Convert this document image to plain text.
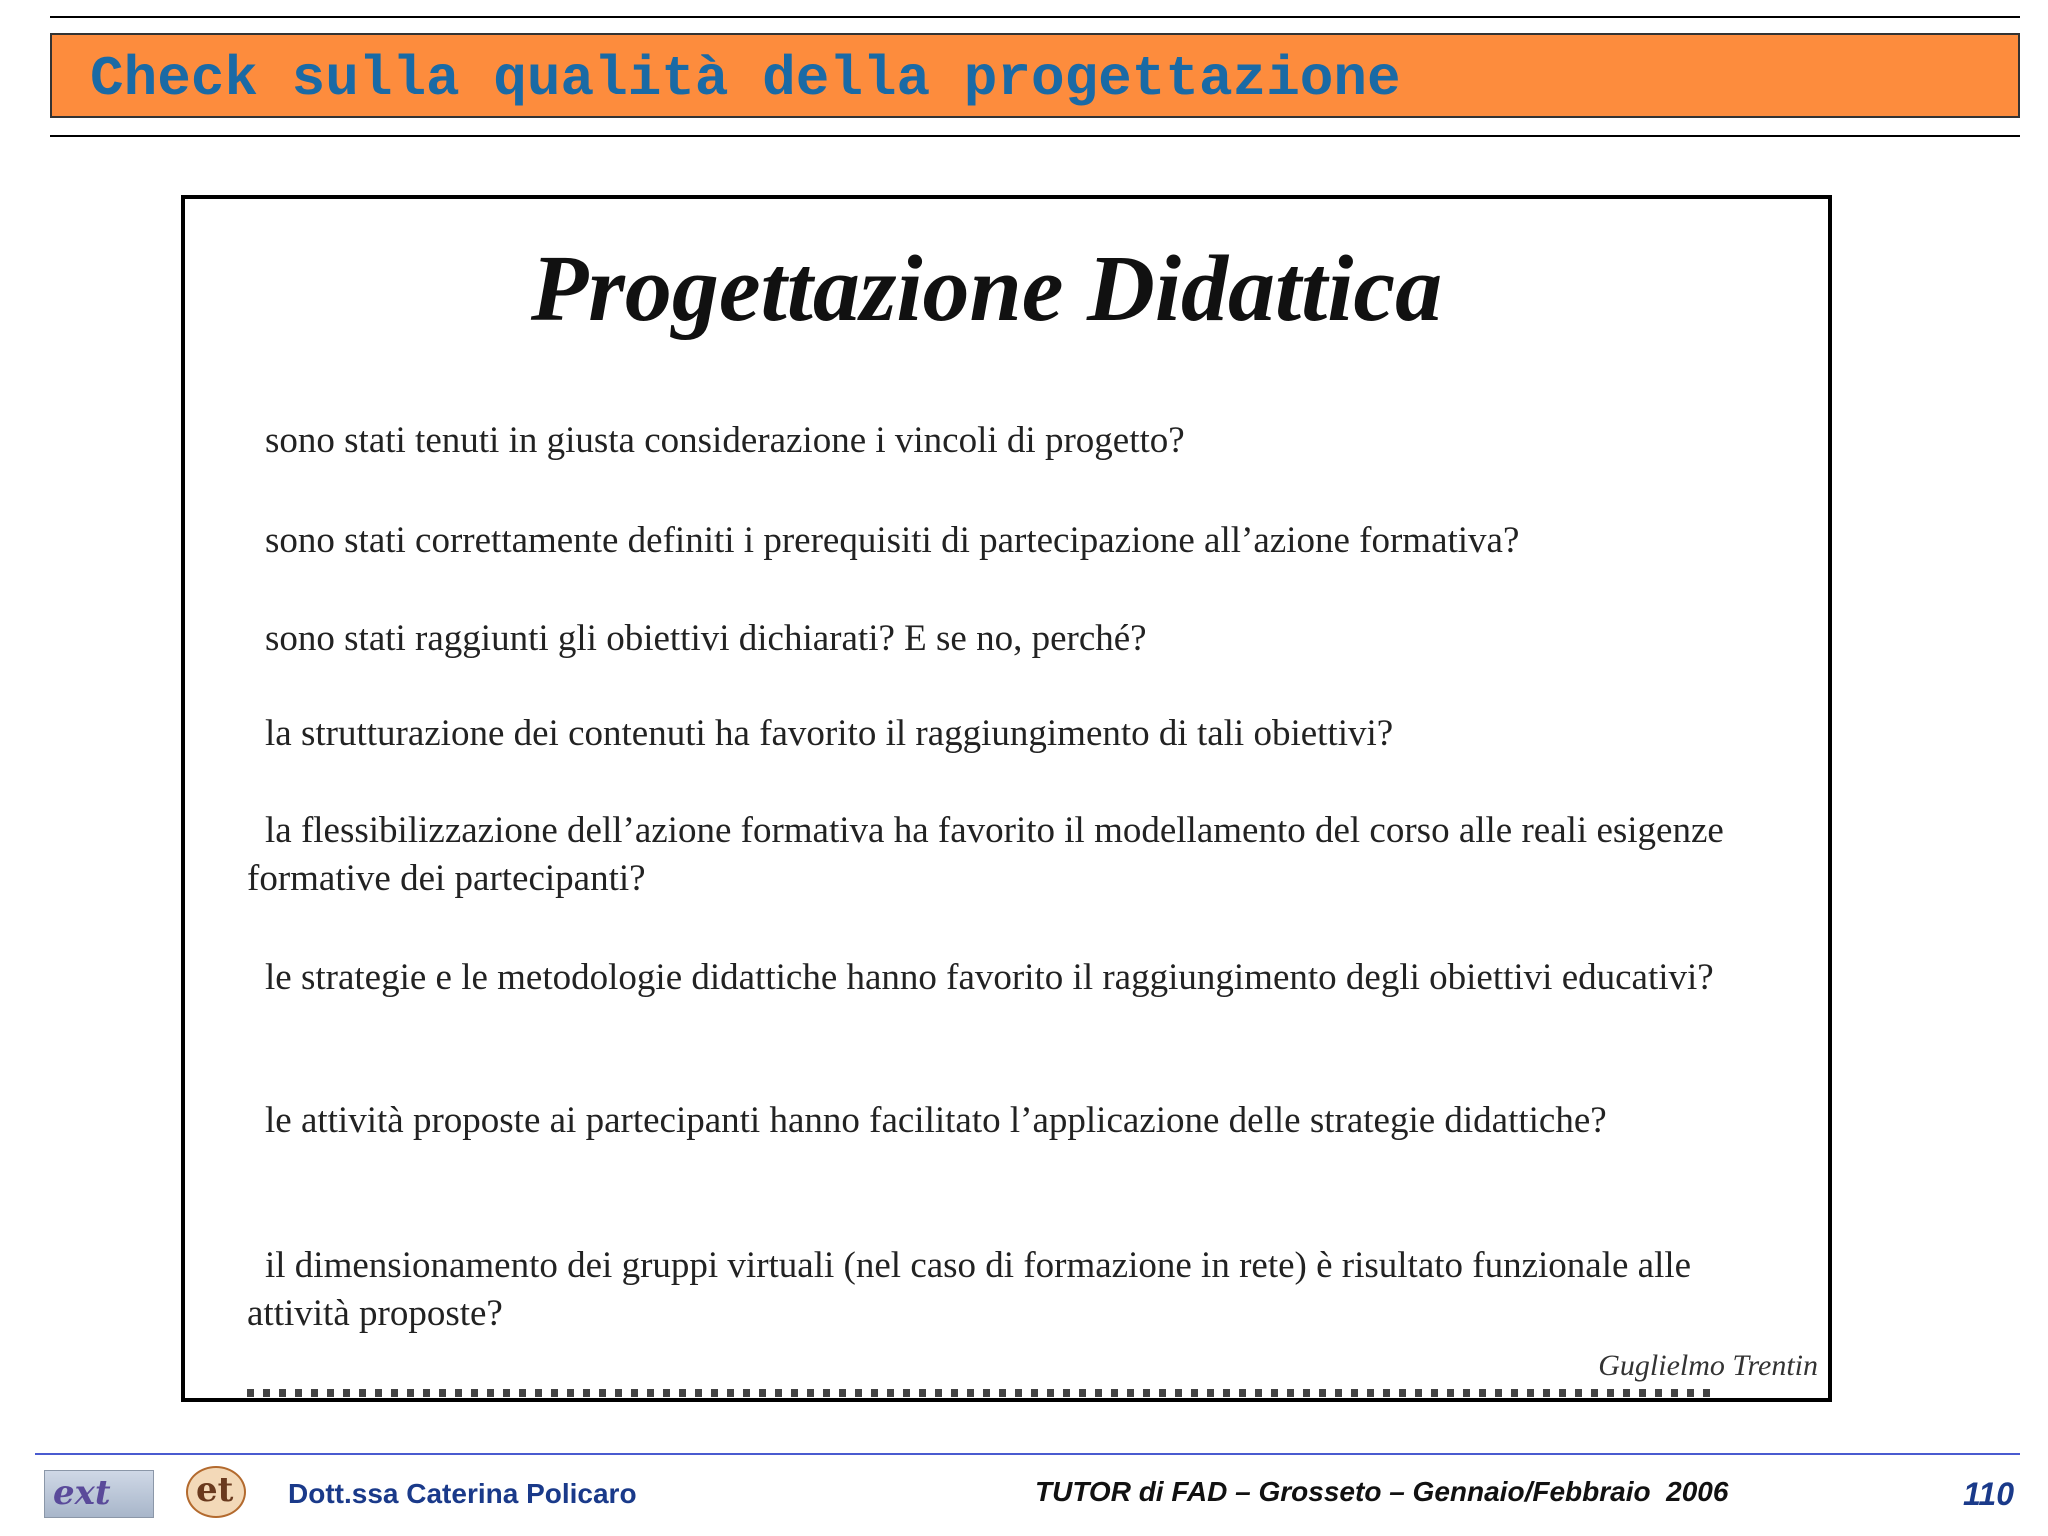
Check sulla qualità della progettazione
Progettazione Didattica
sono stati tenuti in giusta considerazione i vincoli di progetto?
sono stati correttamente definiti i prerequisiti di partecipazione all’azione formativa?
sono stati raggiunti gli obiettivi dichiarati? E se no, perché?
la strutturazione dei contenuti ha favorito il raggiungimento di tali obiettivi?
la flessibilizzazione dell’azione formativa ha favorito il modellamento del corso alle reali esigenze formative dei partecipanti?
le strategie e le metodologie didattiche hanno favorito il raggiungimento degli obiettivi educativi?
le attività proposte ai partecipanti hanno facilitato l’applicazione delle strategie didattiche?
il dimensionamento dei gruppi virtuali (nel caso di formazione in rete) è risultato funzionale alle attività proposte?
Guglielmo Trentin
ext	et Dott.ssa Caterina Policaro	TUTOR di FAD – Grosseto – Gennaio/Febbraio  2006	110
